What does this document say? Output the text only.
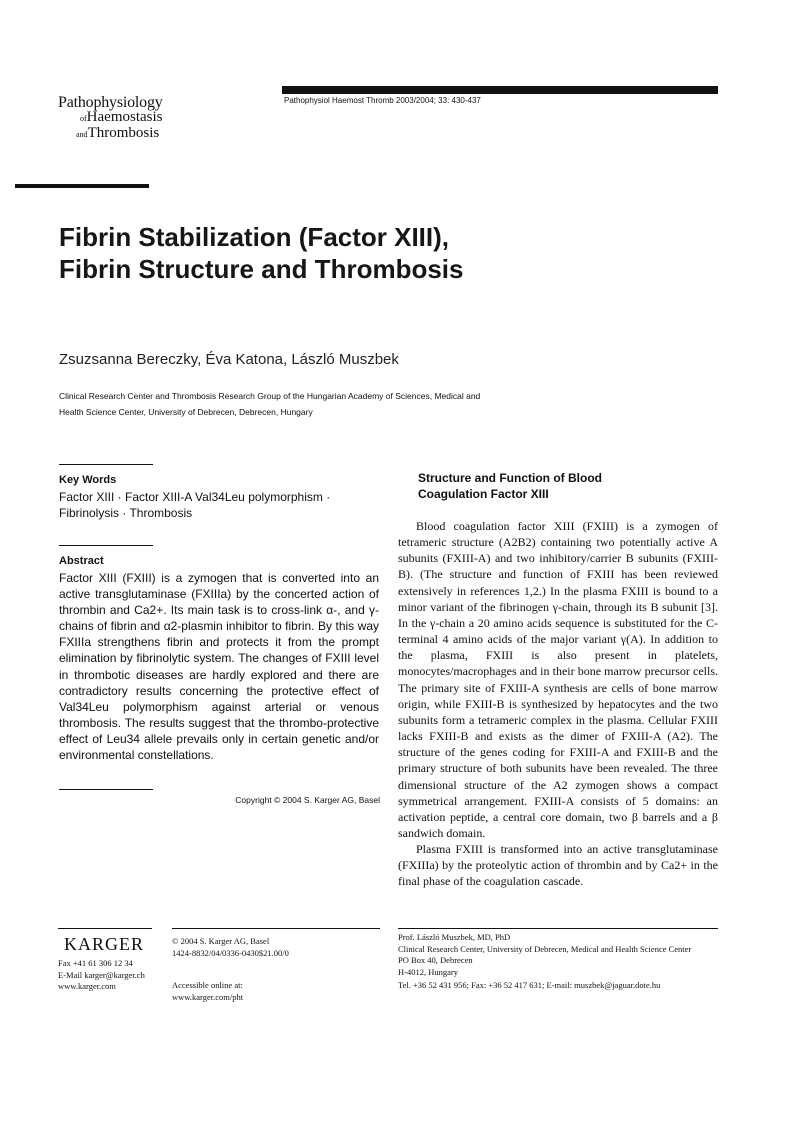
Pathophysiol Haemost Thromb 2003/2004; 33: 430-437
Pathophysiology
ofHaemostasis
andThrombosis
Fibrin Stabilization (Factor XIII),
Fibrin Structure and Thrombosis
Zsuzsanna Bereczky, Éva Katona, László Muszbek
Clinical Research Center and Thrombosis Research Group of the Hungarian Academy of Sciences, Medical and
Health Science Center, University of Debrecen, Debrecen, Hungary
Key Words
Factor XIII · Factor XIII-A Val34Leu polymorphism · Fibrinolysis · Thrombosis
Abstract
Factor XIII (FXIII) is a zymogen that is converted into an active transglutaminase (FXIIIa) by the concerted action of thrombin and Ca2+. Its main task is to cross-link α-, and γ-chains of fibrin and α2-plasmin inhibitor to fibrin. By this way FXIIIa strengthens fibrin and protects it from the prompt elimination by fibrinolytic system. The changes of FXIII level in thrombotic diseases are hardly explored and there are contradictory results concerning the protective effect of Val34Leu polymorphism against arterial or venous thrombosis. The results suggest that the thrombo-protective effect of Leu34 allele prevails only in certain genetic and/or environmental constellations.
Copyright © 2004 S. Karger AG, Basel
Structure and Function of Blood
Coagulation Factor XIII

Blood coagulation factor XIII (FXIII) is a zymogen of tetrameric structure (A2B2) containing two potentially active A subunits (FXIII-A) and two inhibitory/carrier B subunits (FXIII-B). (The structure and function of FXIII has been reviewed extensively in references 1,2.) In the plasma FXIII is bound to a minor variant of the fibrinogen γ-chain, through its B subunit [3]. In the γ-chain a 20 amino acids sequence is substituted for the C-terminal 4 amino acids of the major variant γ(A). In addition to the plasma, FXIII is also present in platelets, monocytes/macrophages and in their bone marrow precursor cells. The primary site of FXIII-A synthesis are cells of bone marrow origin, while FXIII-B is synthesized by hepatocytes and the two subunits form a tetrameric complex in the plasma. Cellular FXIII lacks FXIII-B and exists as the dimer of FXIII-A (A2). The structure of the genes coding for FXIII-A and FXIII-B and the primary structure of both subunits have been revealed. The three dimensional structure of the A2 zymogen shows a compact symmetrical arrangement. FXIII-A consists of 5 domains: an activation peptide, a central core domain, two β barrels and a β sandwich domain.

Plasma FXIII is transformed into an active transglutaminase (FXIIIa) by the proteolytic action of thrombin and by Ca2+ in the final phase of the coagulation cascade.

KARGER
Fax +41 61 306 12 34
E-Mail karger@karger.ch
www.karger.com
© 2004 S. Karger AG, Basel
1424-8832/04/0336-0430$21.00/0
Accessible online at:
www.karger.com/pht
Prof. László Muszbek, MD, PhD
Clinical Research Center, University of Debrecen, Medical and Health Science Center
PO Box 40, Debrecen
H-4012, Hungary
Tel. +36 52 431 956; Fax: +36 52 417 631; E-mail: muszbek@jaguar.dote.hu
